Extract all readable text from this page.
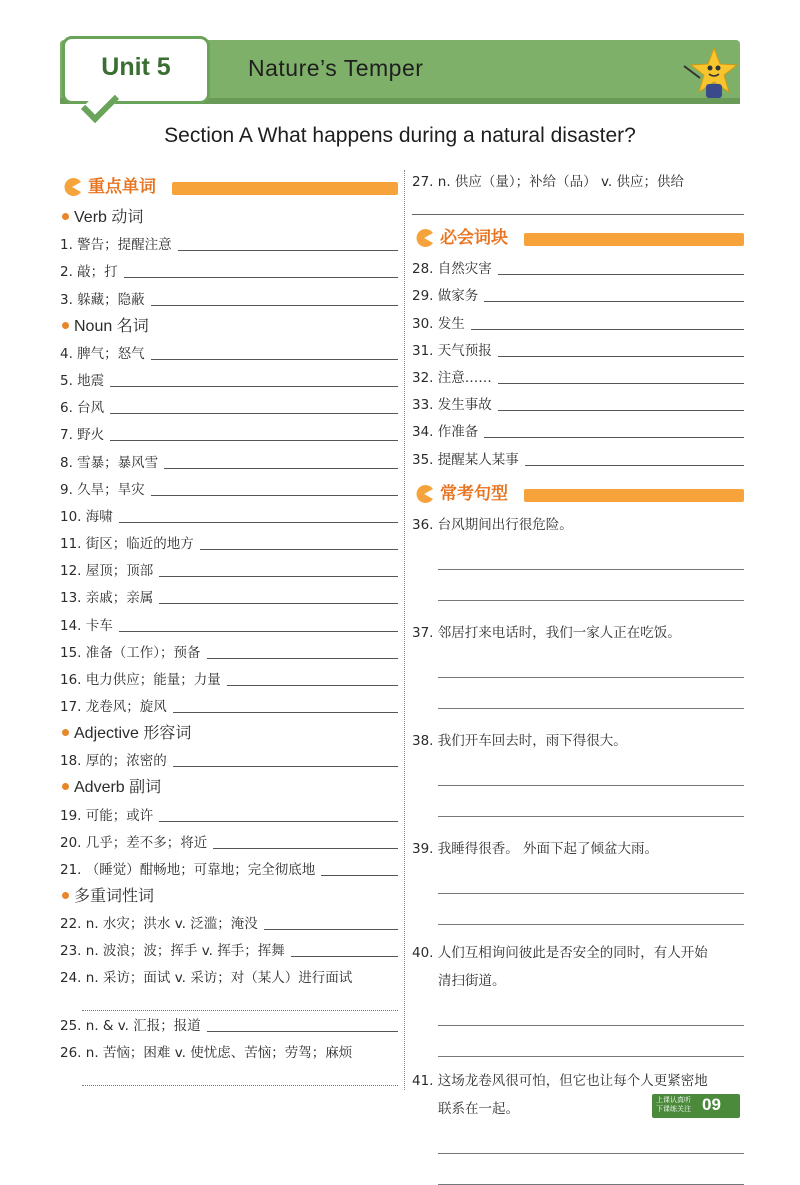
Unit 5	Nature’s Temper
Section A What happens during a natural disaster?
重点单词
Verb 动词
1. 警告；提醒注意
2. 敲；打
3. 躲藏；隐蔽
Noun 名词
4. 脾气；怒气
5. 地震
6. 台风
7. 野火
8. 雪暴；暴风雪
9. 久旱；旱灾
10. 海啸
11. 街区；临近的地方
12. 屋顶；顶部
13. 亲戚；亲属
14. 卡车
15. 准备（工作）；预备
16. 电力供应；能量；力量
17. 龙卷风；旋风
Adjective 形容词
18. 厚的；浓密的
Adverb 副词
19. 可能；或许
20. 几乎；差不多；将近
21. （睡觉）酣畅地；可靠地；完全彻底地
多重词性词
22. n. 水灾；洪水 v. 泛滥；淹没
23. n. 波浪；波；挥手 v. 挥手；挥舞
24. n. 采访；面试 v. 采访；对（某人）进行面试
25. n. & v. 汇报；报道
26. n. 苦恼；困难 v. 使忧虑、苦恼；劳驾；麻烦
27. n. 供应（量）；补给（品） v. 供应；供给
必会词块
28. 自然灾害
29. 做家务
30. 发生
31. 天气预报
32. 注意……
33. 发生事故
34. 作准备
35. 提醒某人某事
常考句型
36. 台风期间出行很危险。
37. 邻居打来电话时，我们一家人正在吃饭。
38. 我们开车回去时，雨下得很大。
39. 我睡得很香。 外面下起了倾盆大雨。
40. 人们互相询问彼此是否安全的同时，有人开始
清扫街道。
41. 这场龙卷风很可怕，但它也让每个人更紧密地
联系在一起。
上课认真听 下课练关注 09
